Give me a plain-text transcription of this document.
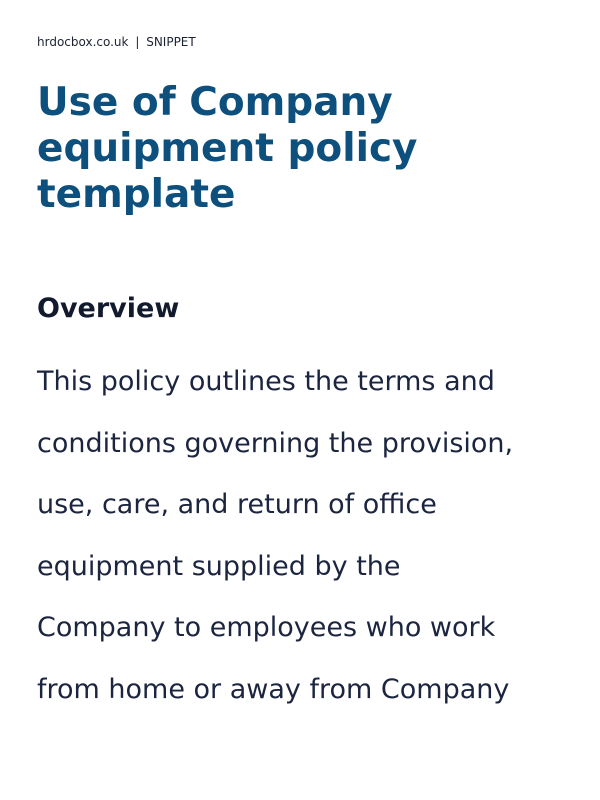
hrdocbox.co.uk | SNIPPET
Use of Company equipment policy template
Overview

This policy outlines the terms and
conditions governing the provision,
use, care, and return of office
equipment supplied by the
Company to employees who work
from home or away from Company
